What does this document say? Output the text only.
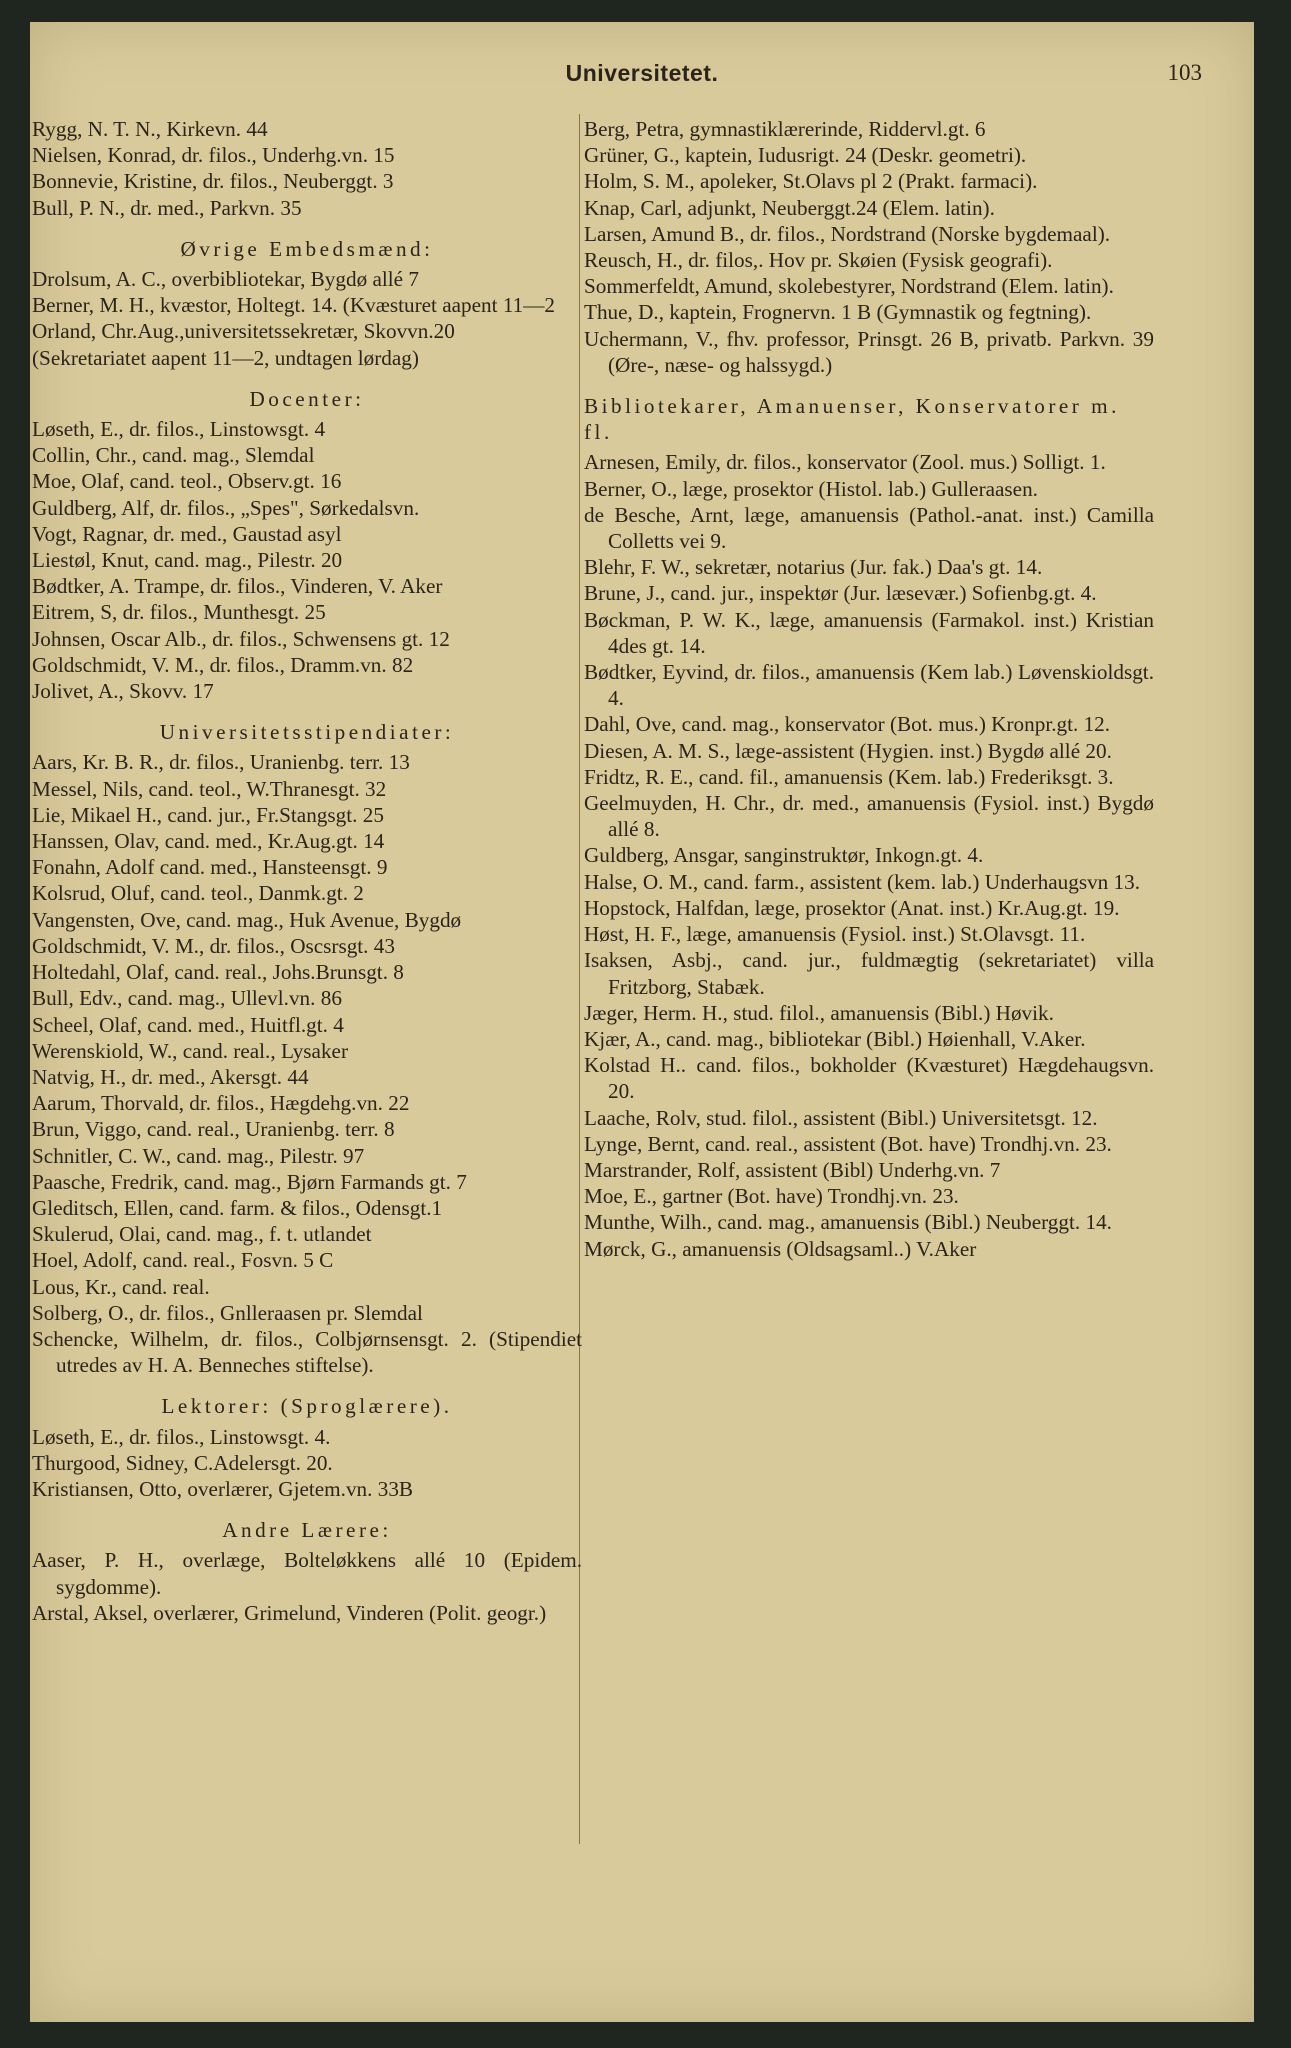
Universitetet.	103
Rygg, N. T. N., Kirkevn. 44
Nielsen, Konrad, dr. filos., Underhg.vn. 15
Bonnevie, Kristine, dr. filos., Neuberggt. 3
Bull, P. N., dr. med., Parkvn. 35
Øvrige Embedsmænd:
Drolsum, A. C., overbibliotekar, Bygdø allé 7
Berner, M. H., kvæstor, Holtegt. 14. (Kvæsturet aapent 11—2
Orland, Chr.Aug.,universitetssekretær, Skovvn.20
(Sekretariatet aapent 11—2, undtagen lørdag)
Docenter:
Løseth, E., dr. filos., Linstowsgt. 4
Collin, Chr., cand. mag., Slemdal
Moe, Olaf, cand. teol., Observ.gt. 16
Guldberg, Alf, dr. filos., „Spes", Sørkedalsvn.
Vogt, Ragnar, dr. med., Gaustad asyl
Liestøl, Knut, cand. mag., Pilestr. 20
Bødtker, A. Trampe, dr. filos., Vinderen, V. Aker
Eitrem, S, dr. filos., Munthesgt. 25
Johnsen, Oscar Alb., dr. filos., Schwensens gt. 12
Goldschmidt, V. M., dr. filos., Dramm.vn. 82
Jolivet, A., Skovv. 17
Universitetsstipendiater:
Aars, Kr. B. R., dr. filos., Uranienbg. terr. 13
Messel, Nils, cand. teol., W.Thranesgt. 32
Lie, Mikael H., cand. jur., Fr.Stangsgt. 25
Hanssen, Olav, cand. med., Kr.Aug.gt. 14
Fonahn, Adolf cand. med., Hansteensgt. 9
Kolsrud, Oluf, cand. teol., Danmk.gt. 2
Vangensten, Ove, cand. mag., Huk Avenue, Bygdø
Goldschmidt, V. M., dr. filos., Oscsrsgt. 43
Holtedahl, Olaf, cand. real., Johs.Brunsgt. 8
Bull, Edv., cand. mag., Ullevl.vn. 86
Scheel, Olaf, cand. med., Huitfl.gt. 4
Werenskiold, W., cand. real., Lysaker
Natvig, H., dr. med., Akersgt. 44
Aarum, Thorvald, dr. filos., Hægdehg.vn. 22
Brun, Viggo, cand. real., Uranienbg. terr. 8
Schnitler, C. W., cand. mag., Pilestr. 97
Paasche, Fredrik, cand. mag., Bjørn Farmands gt. 7
Gleditsch, Ellen, cand. farm. & filos., Odensgt.1
Skulerud, Olai, cand. mag., f. t. utlandet
Hoel, Adolf, cand. real., Fosvn. 5 C
Lous, Kr., cand. real.
Solberg, O., dr. filos., Gnlleraasen pr. Slemdal
Schencke, Wilhelm, dr. filos., Colbjørnsensgt. 2. (Stipendiet utredes av H. A. Benneches stiftelse).
Lektorer: (Sproglærere).
Løseth, E., dr. filos., Linstowsgt. 4.
Thurgood, Sidney, C.Adelersgt. 20.
Kristiansen, Otto, overlærer, Gjetem.vn. 33B
Andre Lærere:
Aaser, P. H., overlæge, Bolteløkkens allé 10 (Epidem. sygdomme).
Arstal, Aksel, overlærer, Grimelund, Vinderen (Polit. geogr.)
Berg, Petra, gymnastiklærerinde, Riddervl.gt. 6
Grüner, G., kaptein, Iudusrigt. 24 (Deskr. geometri).
Holm, S. M., apoleker, St.Olavs pl 2 (Prakt. farmaci).
Knap, Carl, adjunkt, Neuberggt.24 (Elem. latin).
Larsen, Amund B., dr. filos., Nordstrand (Norske bygdemaal).
Reusch, H., dr. filos,. Hov pr. Skøien (Fysisk geografi).
Sommerfeldt, Amund, skolebestyrer, Nordstrand (Elem. latin).
Thue, D., kaptein, Frognervn. 1 B (Gymnastik og fegtning).
Uchermann, V., fhv. professor, Prinsgt. 26 B, privatb. Parkvn. 39 (Øre-, næse- og halssygd.)
Bibliotekarer, Amanuenser, Konservatorer m. fl.
Arnesen, Emily, dr. filos., konservator (Zool. mus.) Solligt. 1.
Berner, O., læge, prosektor (Histol. lab.) Gulleraasen.
de Besche, Arnt, læge, amanuensis (Pathol.-anat. inst.) Camilla Colletts vei 9.
Blehr, F. W., sekretær, notarius (Jur. fak.) Daa's gt. 14.
Brune, J., cand. jur., inspektør (Jur. læsevær.) Sofienbg.gt. 4.
Bøckman, P. W. K., læge, amanuensis (Farmakol. inst.) Kristian 4des gt. 14.
Bødtker, Eyvind, dr. filos., amanuensis (Kem lab.) Løvenskioldsgt. 4.
Dahl, Ove, cand. mag., konservator (Bot. mus.) Kronpr.gt. 12.
Diesen, A. M. S., læge-assistent (Hygien. inst.) Bygdø allé 20.
Fridtz, R. E., cand. fil., amanuensis (Kem. lab.) Frederiksgt. 3.
Geelmuyden, H. Chr., dr. med., amanuensis (Fysiol. inst.) Bygdø allé 8.
Guldberg, Ansgar, sanginstruktør, Inkogn.gt. 4.
Halse, O. M., cand. farm., assistent (kem. lab.) Underhaugsvn 13.
Hopstock, Halfdan, læge, prosektor (Anat. inst.) Kr.Aug.gt. 19.
Høst, H. F., læge, amanuensis (Fysiol. inst.) St.Olavsgt. 11.
Isaksen, Asbj., cand. jur., fuldmægtig (sekretariatet) villa Fritzborg, Stabæk.
Jæger, Herm. H., stud. filol., amanuensis (Bibl.) Høvik.
Kjær, A., cand. mag., bibliotekar (Bibl.) Høienhall, V.Aker.
Kolstad H.. cand. filos., bokholder (Kvæsturet) Hægdehaugsvn. 20.
Laache, Rolv, stud. filol., assistent (Bibl.) Universitetsgt. 12.
Lynge, Bernt, cand. real., assistent (Bot. have) Trondhj.vn. 23.
Marstrander, Rolf, assistent (Bibl) Underhg.vn. 7
Moe, E., gartner (Bot. have) Trondhj.vn. 23.
Munthe, Wilh., cand. mag., amanuensis (Bibl.) Neuberggt. 14.
Mørck, G., amanuensis (Oldsagsaml..) V.Aker
